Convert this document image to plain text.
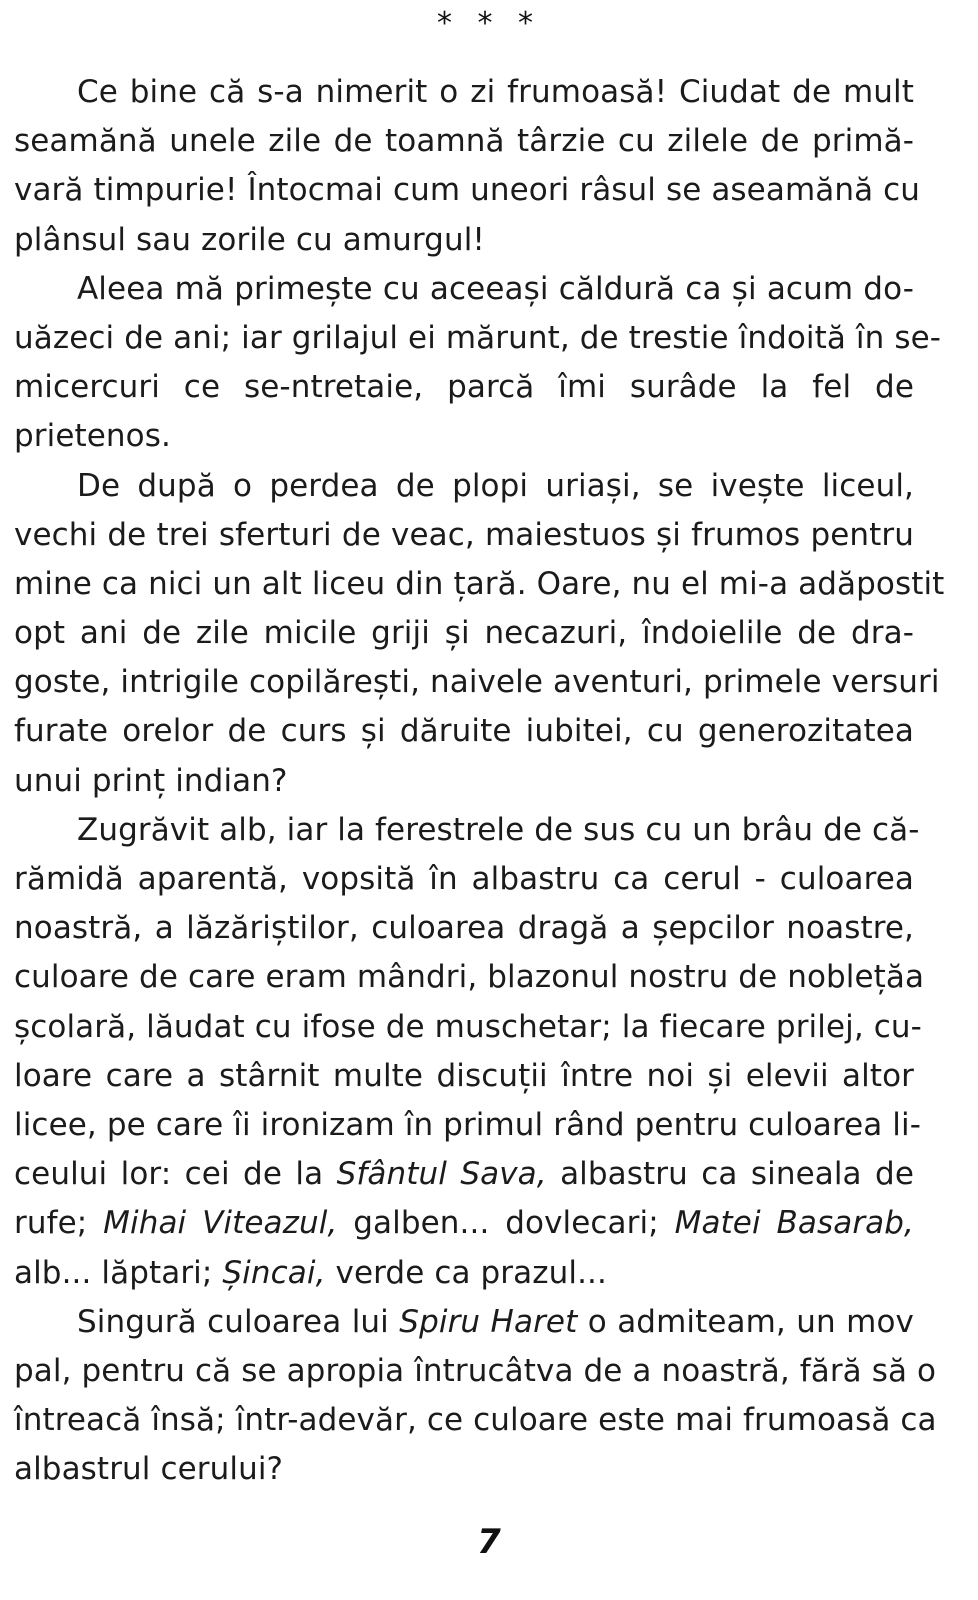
* * *
Ce bine că s-a nimerit o zi frumoasă! Ciudat de mult
seamănă unele zile de toamnă târzie cu zilele de primă-
vară timpurie! Întocmai cum uneori râsul se aseamănă cu
plânsul sau zorile cu amurgul!
Aleea mă primește cu aceeași căldură ca și acum do-
uăzeci de ani; iar grilajul ei mărunt, de trestie îndoită în se-
micercuri ce se-ntretaie, parcă îmi surâde la fel de
prietenos.
De după o perdea de plopi uriași, se ivește liceul,
vechi de trei sferturi de veac, maiestuos și frumos pentru
mine ca nici un alt liceu din țară. Oare, nu el mi-a adăpostit
opt ani de zile micile griji și necazuri, îndoielile de dra-
goste, intrigile copilărești, naivele aventuri, primele versuri
furate orelor de curs și dăruite iubitei, cu generozitatea
unui prinț indian?
Zugrăvit alb, iar la ferestrele de sus cu un brâu de că-
rămidă aparentă, vopsită în albastru ca cerul - culoarea
noastră, a lăzăriștilor, culoarea dragă a șepcilor noastre,
culoare de care eram mândri, blazonul nostru de noblețăa
școlară, lăudat cu ifose de muschetar; la fiecare prilej, cu-
loare care a stârnit multe discuții între noi și elevii altor
licee, pe care îi ironizam în primul rând pentru culoarea li-
ceului lor: cei de la Sfântul Sava, albastru ca sineala de
rufe; Mihai Viteazul, galben... dovlecari; Matei Basarab,
alb... lăptari; Șincai, verde ca prazul...
Singură culoarea lui Spiru Haret o admiteam, un mov
pal, pentru că se apropia întrucâtva de a noastră, fără să o
întreacă însă; într-adevăr, ce culoare este mai frumoasă ca
albastrul cerului?
7
